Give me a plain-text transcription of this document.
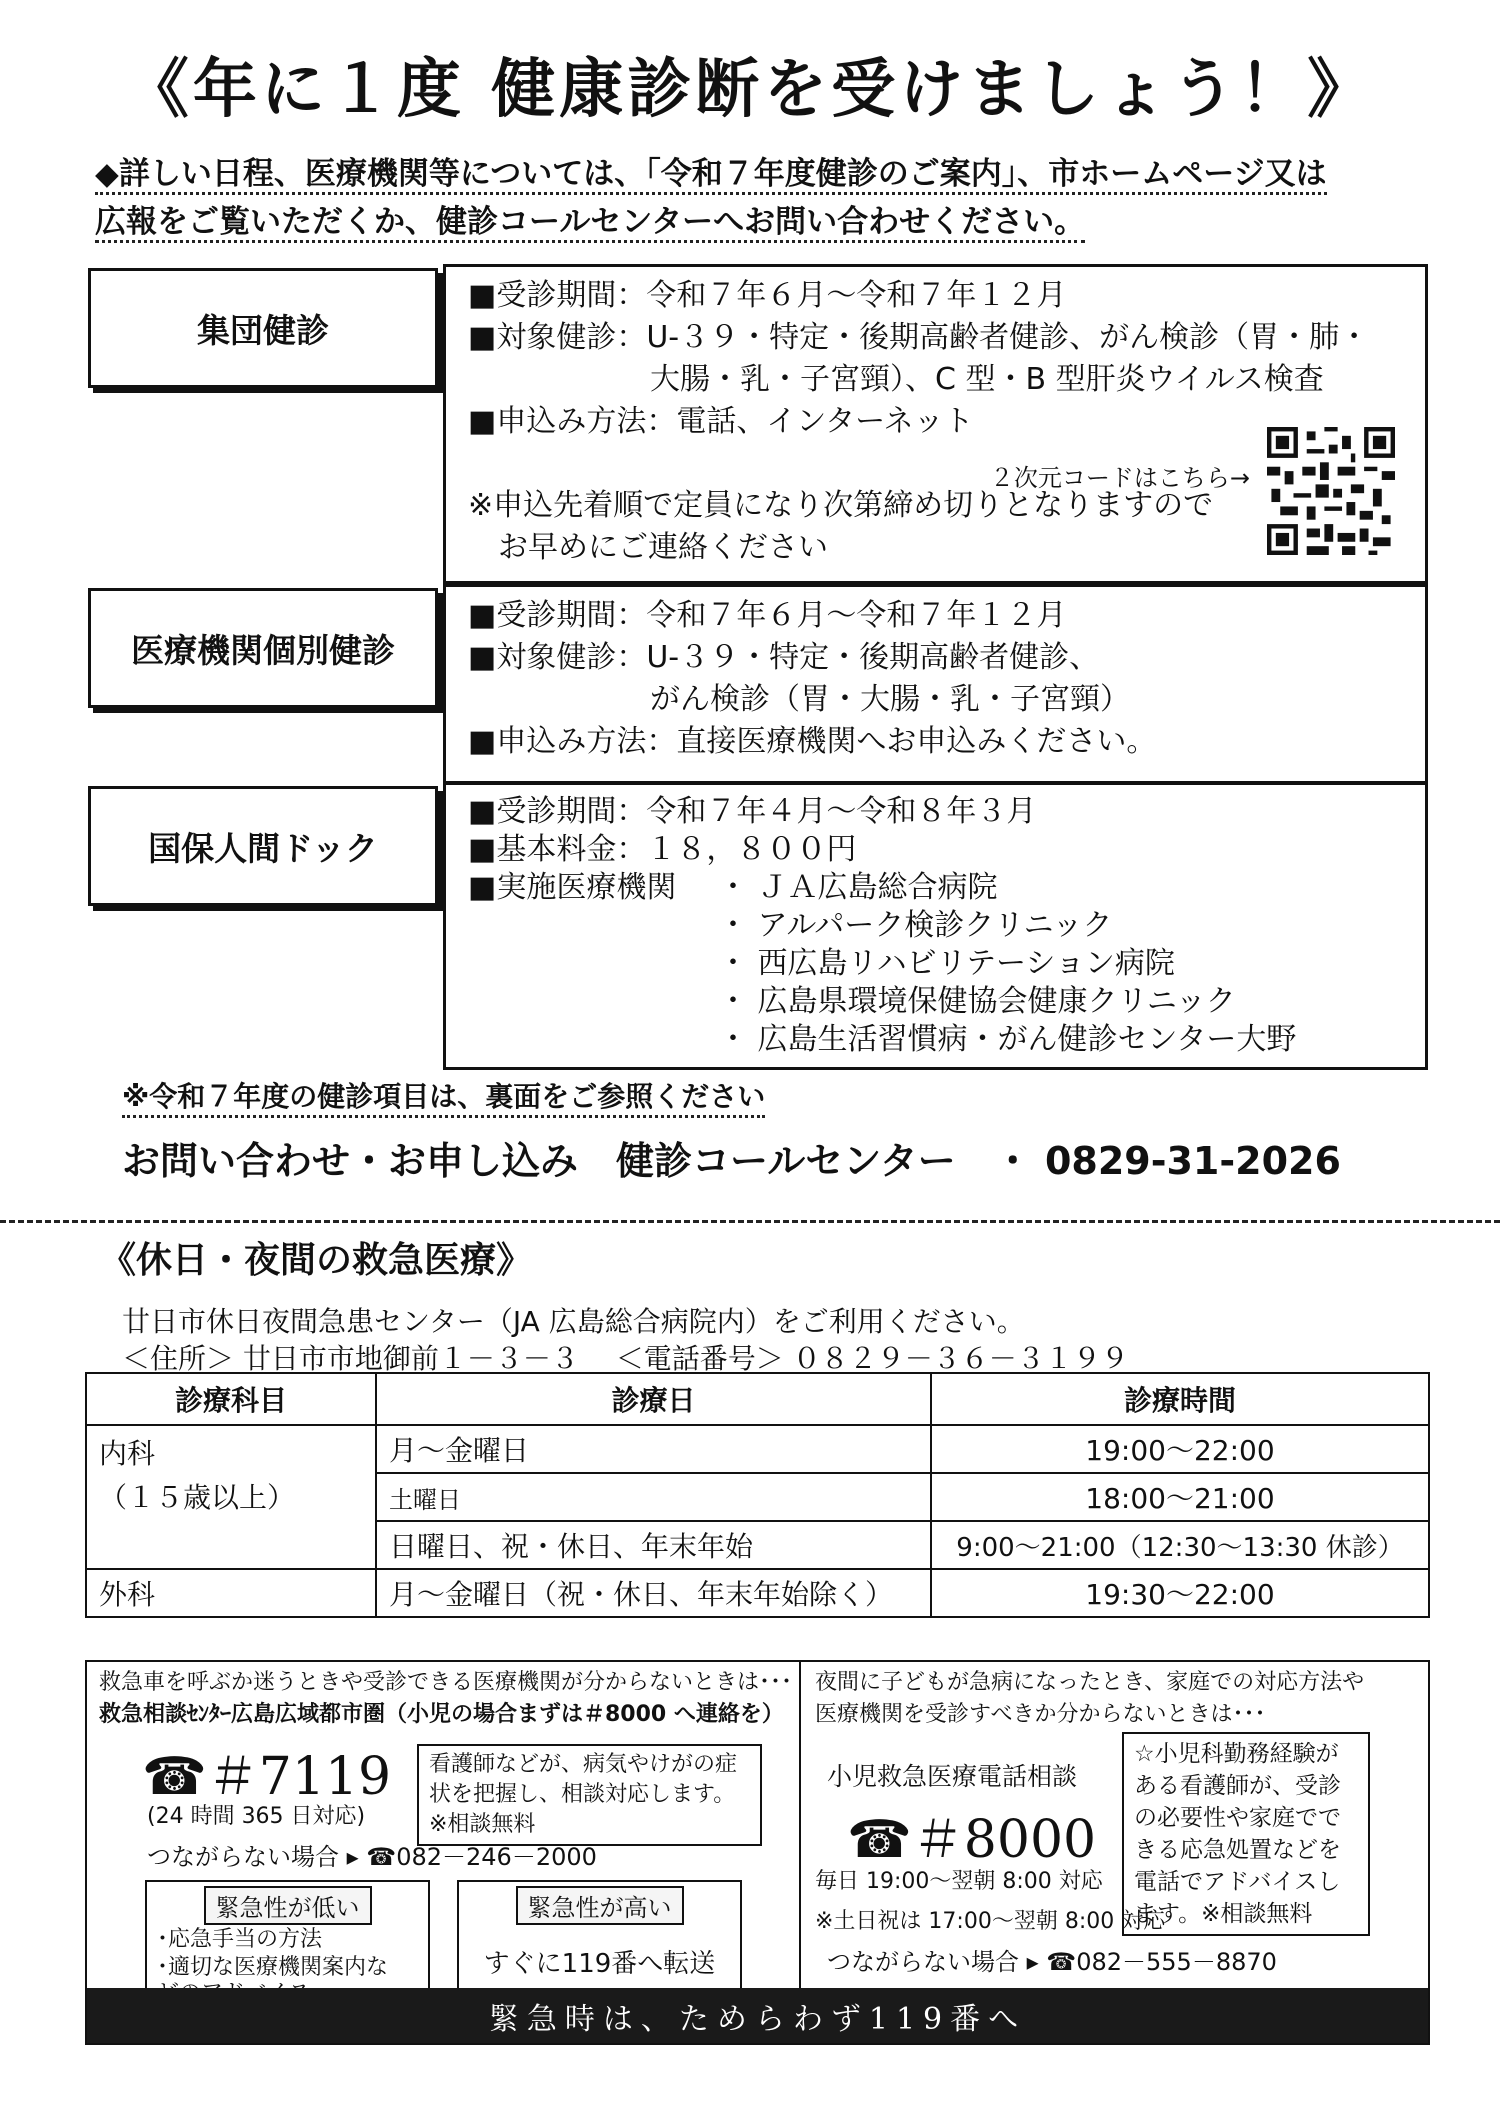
《年に１度 健康診断を受けましょう！》
◆詳しい日程、医療機関等については、「令和７年度健診のご案内」、市ホームページ又は
広報をご覧いただくか、健診コールセンターへお問い合わせください。
集団健診
■受診期間：令和７年６月～令和７年１２月
■対象健診：U-３９・特定・後期高齢者健診、がん検診（胃・肺・
大腸・乳・子宮頸）、C 型・B 型肝炎ウイルス検査
■申込み方法：電話、インターネット
２次元コードはこちら→
※申込先着順で定員になり次第締め切りとなりますので
お早めにご連絡ください
医療機関個別健診
■受診期間：令和７年６月～令和７年１２月
■対象健診：U-３９・特定・後期高齢者健診、
がん検診（胃・大腸・乳・子宮頸）
■申込み方法：直接医療機関へお申込みください。
国保人間ドック
■受診期間：令和７年４月～令和８年３月
■基本料金：１８，８００円
■実施医療機関	・ ＪＡ広島総合病院
・ アルパーク検診クリニック
・ 西広島リハビリテーション病院
・ 広島県環境保健協会健康クリニック
・ 広島生活習慣病・がん健診センター大野
※令和７年度の健診項目は、裏面をご参照ください
お問い合わせ・お申し込み　健診コールセンター　・ 0829-31-2026
《休日・夜間の救急医療》
廿日市休日夜間急患センター（JA 広島総合病院内）をご利用ください。
＜住所＞ 廿日市市地御前１－３－３　 ＜電話番号＞ ０８２９－３６－３１９９
診療科目	診療日	診療時間

内科
（１５歳以上）	月～金曜日	19:00～22:00
	土曜日	18:00～21:00
	日曜日、祝・休日、年末年始	9:00～21:00（12:30～13:30 休診）
外科	月～金曜日（祝・休日、年末年始除く）	19:30～22:00
救急車を呼ぶか迷うときや受診できる医療機関が分からないときは･･･
救急相談ｾﾝﾀｰ広島広域都市圏（小児の場合まずは＃8000 へ連絡を）
☎＃7119
(24 時間 365 日対応)
看護師などが、病気やけがの症状を把握し、相談対応します。※相談無料
つながらない場合 ▸ ☎082－246－2000
緊急性が低い
･応急手当の方法
･適切な医療機関案内な
緊急性が高い
すぐに119番へ転送
夜間に子どもが急病になったとき、家庭での対応方法や
医療機関を受診すべきか分からないときは･･･
小児救急医療電話相談
☎＃8000
毎日 19:00～翌朝 8:00 対応
☆小児科勤務経験がある看護師が、受診の必要性や家庭でできる応急処置などを電話でアドバイスします。※相談無料
※土日祝は 17:00～翌朝 8:00 対応
つながらない場合 ▸ ☎082－555－8870
緊急時は、ためらわず119番へ
